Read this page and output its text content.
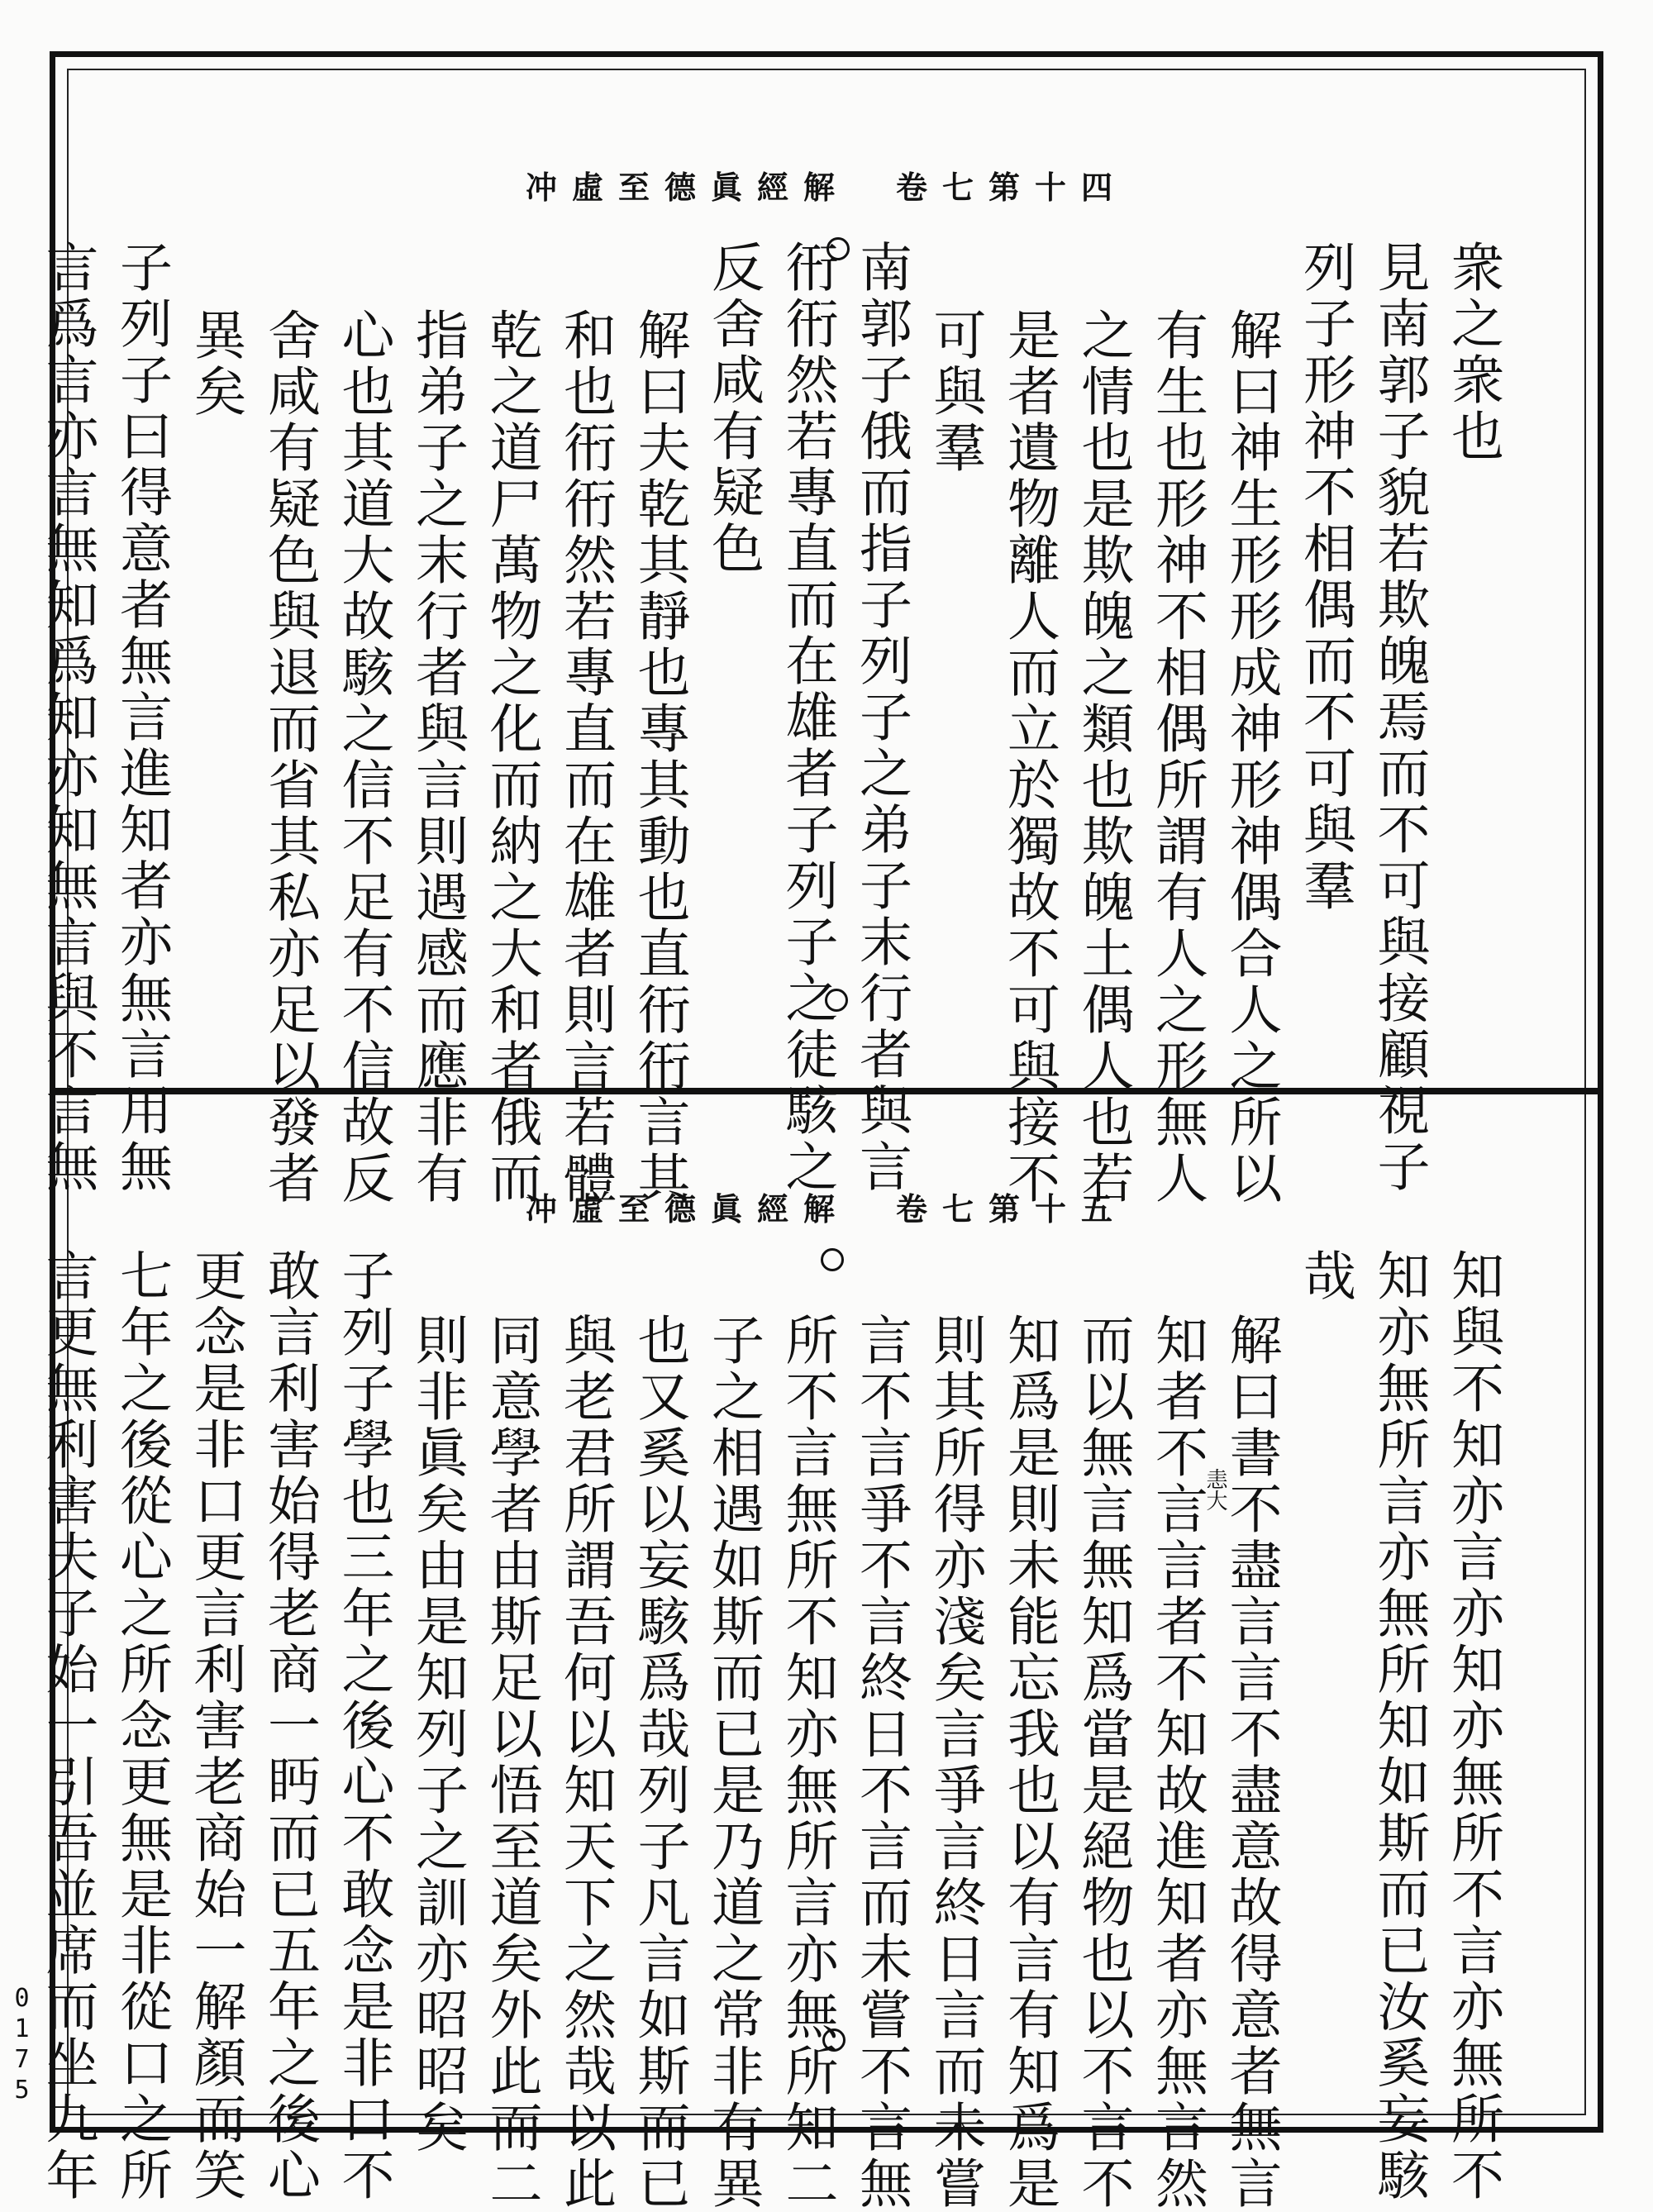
0175
冲虛至德眞經解　卷七第十四
衆之衆也
見南郭子貌若欺魄焉而不可與接顧視子
列子形神不相偶而不可與羣
解曰神生形形成神形神偶合人之所以
有生也形神不相偶所謂有人之形無人
之情也是欺魄之類也欺魄土偶人也若
是者遺物離人而立於獨故不可與接不
可與羣
南郭子俄而指子列子之弟子末行者與言
衎衎然若專直而在雄者子列子之徒駭之
反舍咸有疑色
解曰夫乾其靜也專其動也直衎衎言其
和也衎衎然若專直而在雄者則言若體
乾之道尸萬物之化而納之大和者俄而
指弟子之末行者與言則遇感而應非有
心也其道大故駭之信不足有不信故反
舍咸有疑色與退而省其私亦足以發者
異矣
子列子曰得意者無言進知者亦無言用無
言爲言亦言無知爲知亦知無言與不言無
冲虛至德眞經解　卷七第十五
知與不知亦言亦知亦無所不言亦無所不
知亦無所言亦無所知如斯而已汝奚妄駭
哉
解曰書不盡言言不盡意故得意者無言
知者不言言者不知故進知者亦無言然
而以無言無知爲當是絕物也以不言不
知爲是則未能忘我也以有言有知爲是
則其所得亦淺矣言爭言終日言而未嘗
言不言爭不言終日不言而未嘗不言無
所不言無所不知亦無所言亦無所知二
子之相遇如斯而已是乃道之常非有異
也又奚以妄駭爲哉列子凡言如斯而已
與老君所謂吾何以知天下之然哉以此
同意學者由斯足以悟至道矣外此而二
則非眞矣由是知列子之訓亦昭昭矣
子列子學也三年之後心不敢念是非口不
敢言利害始得老商一眄而已五年之後心
更念是非口更言利害老商始一解顏而笑
七年之後從心之所念更無是非從口之所
言更無利害夫子始一引吾並席而坐九年	恚大
